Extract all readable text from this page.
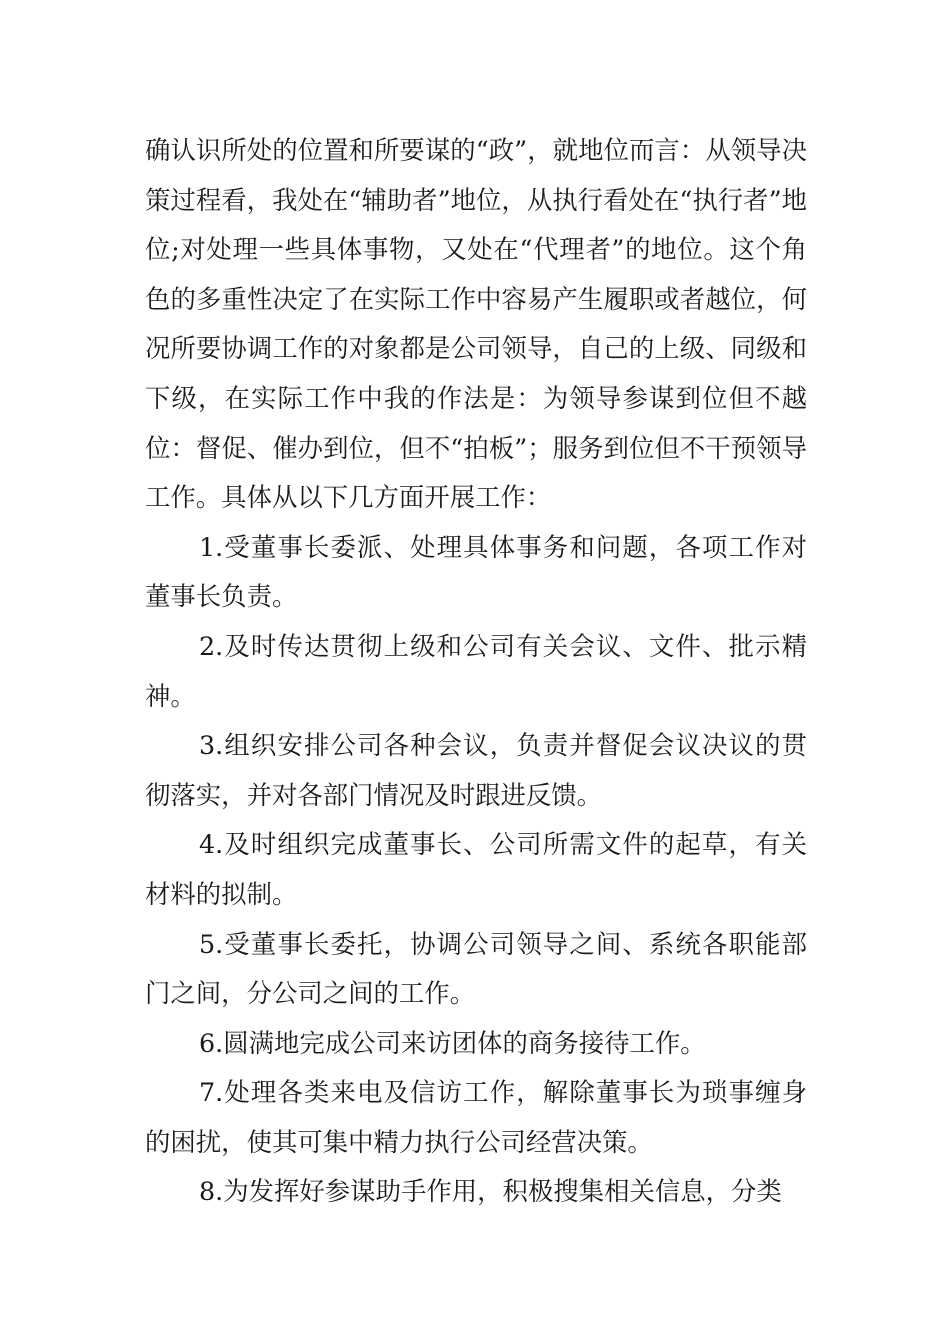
确认识所处的位置和所要谋的“政”，就地位而言：从领导决策过程看，我处在“辅助者”地位，从执行看处在“执行者”地位;对处理一些具体事物，又处在“代理者”的地位。这个角色的多重性决定了在实际工作中容易产生履职或者越位，何况所要协调工作的对象都是公司领导，自己的上级、同级和下级，在实际工作中我的作法是：为领导参谋到位但不越位：督促、催办到位，但不“拍板”；服务到位但不干预领导工作。具体从以下几方面开展工作：

1.受董事长委派、处理具体事务和问题，各项工作对董事长负责。

2.及时传达贯彻上级和公司有关会议、文件、批示精神。

3.组织安排公司各种会议，负责并督促会议决议的贯彻落实，并对各部门情况及时跟进反馈。

4.及时组织完成董事长、公司所需文件的起草，有关材料的拟制。

5.受董事长委托，协调公司领导之间、系统各职能部门之间，分公司之间的工作。

6.圆满地完成公司来访团体的商务接待工作。

7.处理各类来电及信访工作，解除董事长为琐事缠身的困扰，使其可集中精力执行公司经营决策。

8.为发挥好参谋助手作用，积极搜集相关信息，分类
